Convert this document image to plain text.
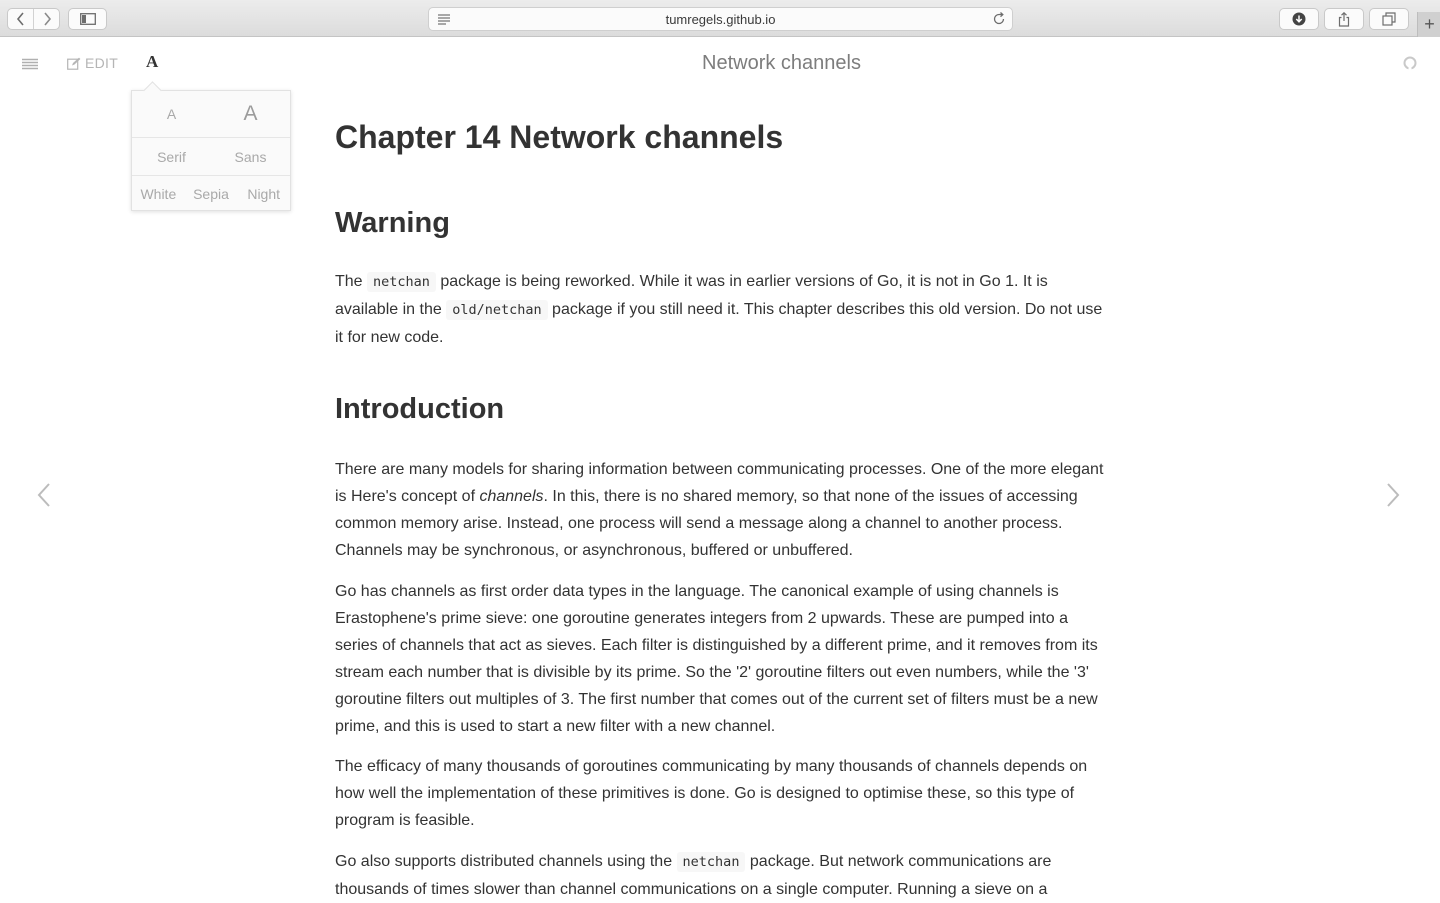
tumregels.github.io	+
EDIT A	Network channels
A	A
Serif	Sans
White	Sepia	Night
Chapter 14 Network channels
Warning

The netchan package is being reworked. While it was in earlier versions of Go, it is not in Go 1. It is available in the old/netchan package if you still need it. This chapter describes this old version. Do not use it for new code.

Introduction

There are many models for sharing information between communicating processes. One of the more elegant is Here's concept of channels. In this, there is no shared memory, so that none of the issues of accessing common memory arise. Instead, one process will send a message along a channel to another process. Channels may be synchronous, or asynchronous, buffered or unbuffered.

Go has channels as first order data types in the language. The canonical example of using channels is Erastophene's prime sieve: one goroutine generates integers from 2 upwards. These are pumped into a series of channels that act as sieves. Each filter is distinguished by a different prime, and it removes from its stream each number that is divisible by its prime. So the '2' goroutine filters out even numbers, while the '3' goroutine filters out multiples of 3. The first number that comes out of the current set of filters must be a new prime, and this is used to start a new filter with a new channel.

The efficacy of many thousands of goroutines communicating by many thousands of channels depends on how well the implementation of these primitives is done. Go is designed to optimise these, so this type of program is feasible.

Go also supports distributed channels using the netchan package. But network communications are thousands of times slower than channel communications on a single computer. Running a sieve on a
